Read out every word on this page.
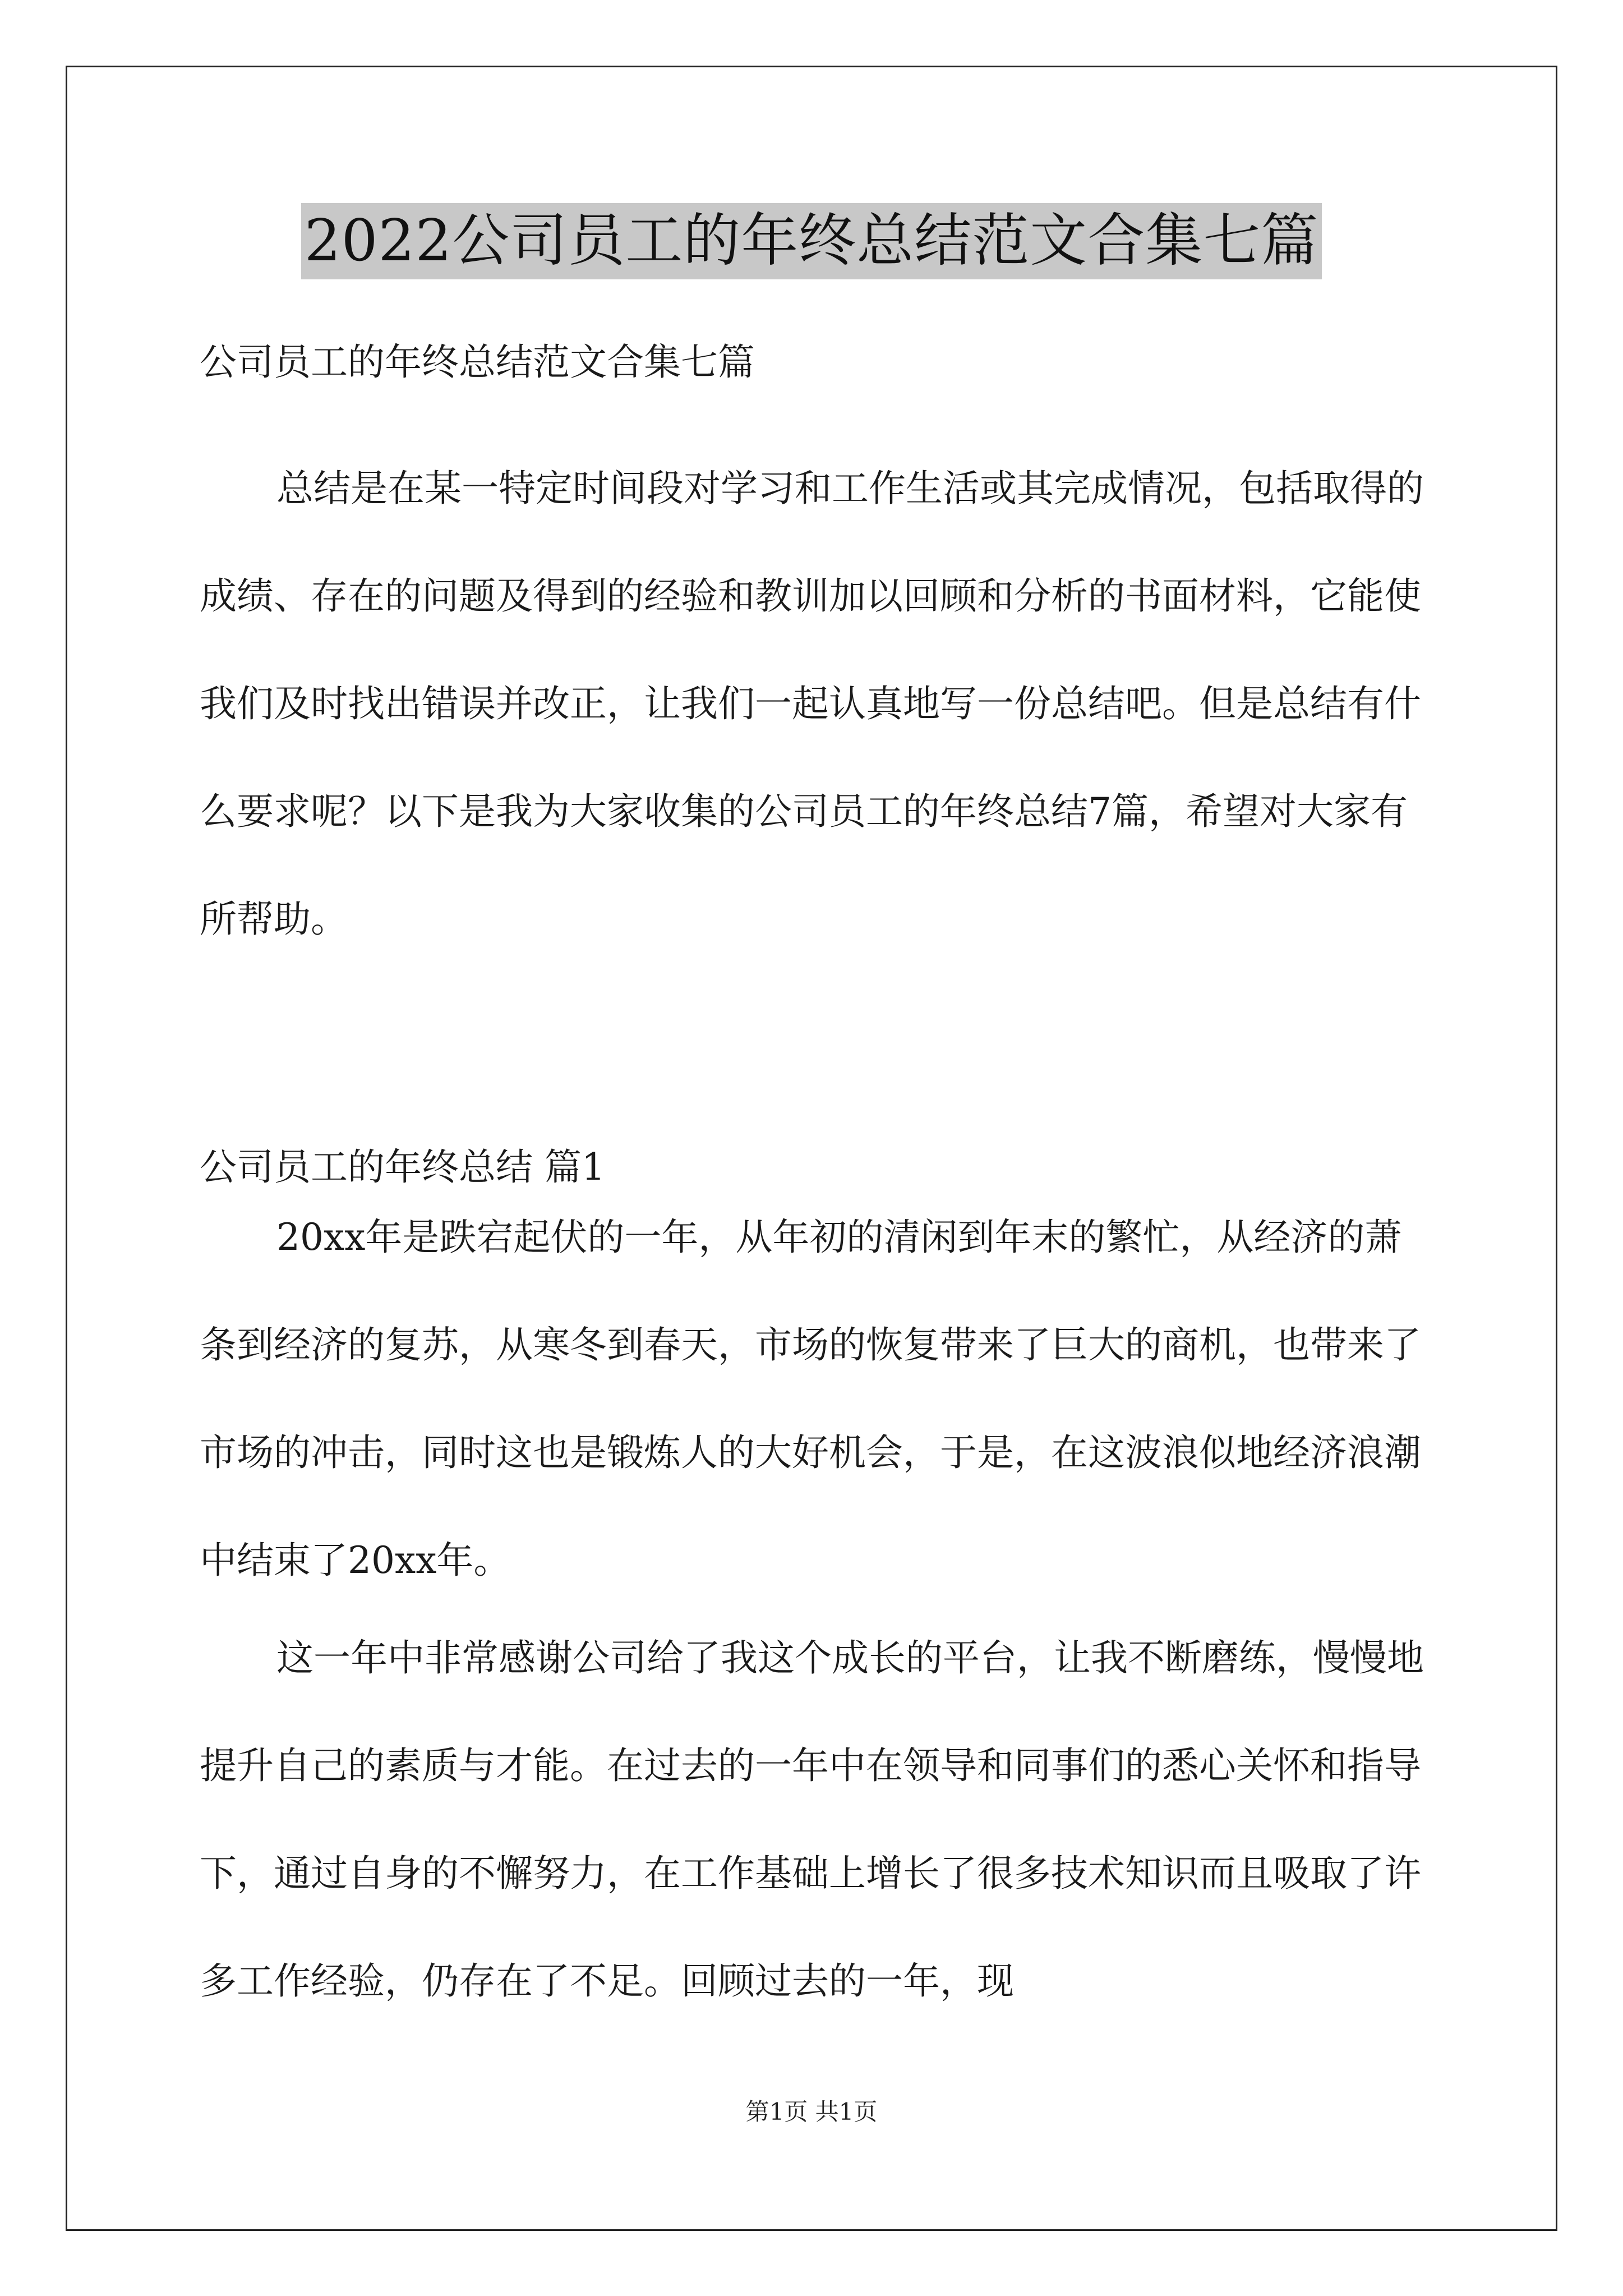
2022公司员工的年终总结范文合集七篇

公司员工的年终总结范文合集七篇

总结是在某一特定时间段对学习和工作生活或其完成情况，包括取得的成绩、存在的问题及得到的经验和教训加以回顾和分析的书面材料，它能使我们及时找出错误并改正，让我们一起认真地写一份总结吧。但是总结有什么要求呢？以下是我为大家收集的公司员工的年终总结7篇，希望对大家有所帮助。

公司员工的年终总结 篇1

20xx年是跌宕起伏的一年，从年初的清闲到年末的繁忙，从经济的萧条到经济的复苏，从寒冬到春天，市场的恢复带来了巨大的商机，也带来了市场的冲击，同时这也是锻炼人的大好机会，于是，在这波浪似地经济浪潮中结束了20xx年。

这一年中非常感谢公司给了我这个成长的平台，让我不断磨练，慢慢地提升自己的素质与才能。在过去的一年中在领导和同事们的悉心关怀和指导下，通过自身的不懈努力，在工作基础上增长了很多技术知识而且吸取了许多工作经验，仍存在了不足。回顾过去的一年，现

第1页 共1页
